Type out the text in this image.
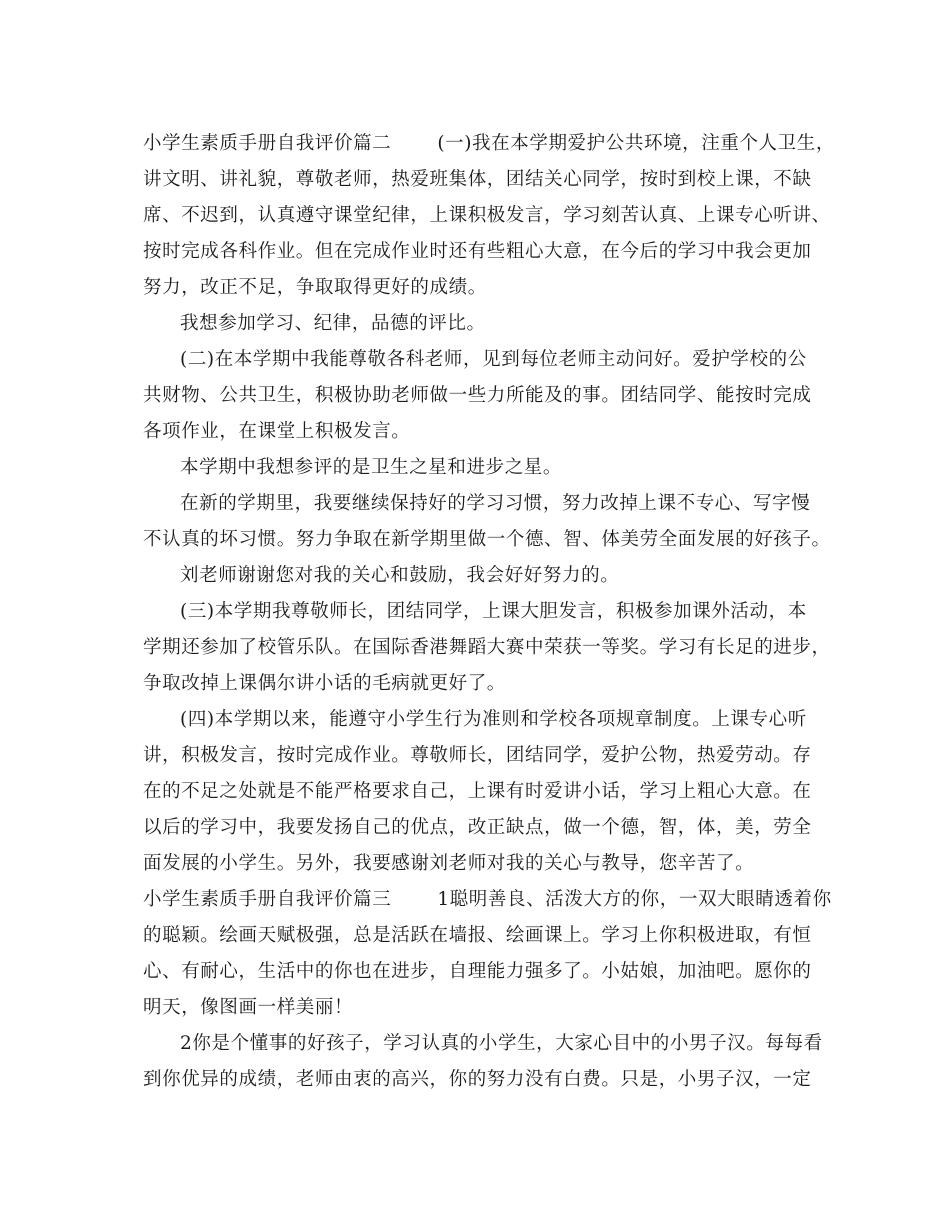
小学生素质手册自我评价篇二 (一)我在本学期爱护公共环境，注重个人卫生，
讲文明、讲礼貌，尊敬老师，热爱班集体，团结关心同学，按时到校上课，不缺
席、不迟到，认真遵守课堂纪律，上课积极发言，学习刻苦认真、上课专心听讲、
按时完成各科作业。但在完成作业时还有些粗心大意，在今后的学习中我会更加
努力，改正不足，争取取得更好的成绩。
我想参加学习、纪律，品德的评比。
(二)在本学期中我能尊敬各科老师，见到每位老师主动问好。爱护学校的公
共财物、公共卫生，积极协助老师做一些力所能及的事。团结同学、能按时完成
各项作业，在课堂上积极发言。
本学期中我想参评的是卫生之星和进步之星。
在新的学期里，我要继续保持好的学习习惯，努力改掉上课不专心、写字慢
不认真的坏习惯。努力争取在新学期里做一个德、智、体美劳全面发展的好孩子。
刘老师谢谢您对我的关心和鼓励，我会好好努力的。
(三)本学期我尊敬师长，团结同学，上课大胆发言，积极参加课外活动，本
学期还参加了校管乐队。在国际香港舞蹈大赛中荣获一等奖。学习有长足的进步，
争取改掉上课偶尔讲小话的毛病就更好了。
(四)本学期以来，能遵守小学生行为准则和学校各项规章制度。上课专心听
讲，积极发言，按时完成作业。尊敬师长，团结同学，爱护公物，热爱劳动。存
在的不足之处就是不能严格要求自己，上课有时爱讲小话，学习上粗心大意。在
以后的学习中，我要发扬自己的优点，改正缺点，做一个德，智，体，美，劳全
面发展的小学生。另外，我要感谢刘老师对我的关心与教导，您辛苦了。
小学生素质手册自我评价篇三 1聪明善良、活泼大方的你，一双大眼睛透着你
的聪颖。绘画天赋极强，总是活跃在墙报、绘画课上。学习上你积极进取，有恒
心、有耐心，生活中的你也在进步，自理能力强多了。小姑娘，加油吧。愿你的
明天，像图画一样美丽！
2你是个懂事的好孩子，学习认真的小学生，大家心目中的小男子汉。每每看
到你优异的成绩，老师由衷的高兴，你的努力没有白费。只是，小男子汉，一定
